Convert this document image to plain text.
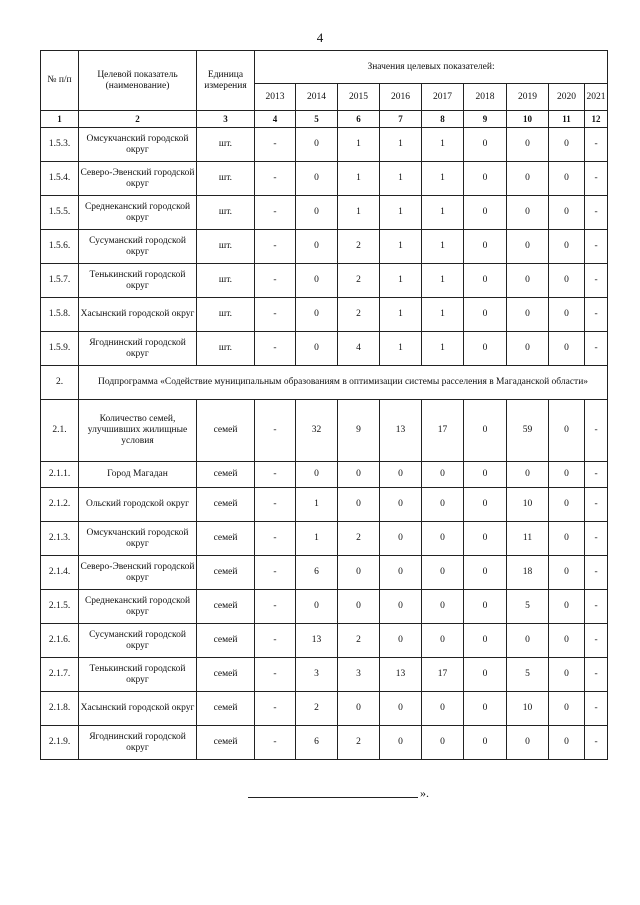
4
№ п/п	Целевой показатель (наименование)	Единица измерения	Значения целевых показателей:								
			2013	2014	2015	2016	2017	2018	2019	2020	2021
1	2	3	4	5	6	7	8	9	10	11	12
1.5.3.	Омсукчанский городской округ	шт.	-	0	1	1	1	0	0	0	-
1.5.4.	Северо-Эвенский городской округ	шт.	-	0	1	1	1	0	0	0	-
1.5.5.	Среднеканский городской округ	шт.	-	0	1	1	1	0	0	0	-
1.5.6.	Сусуманский городской округ	шт.	-	0	2	1	1	0	0	0	-
1.5.7.	Тенькинский городской округ	шт.	-	0	2	1	1	0	0	0	-
1.5.8.	Хасынский городской округ	шт.	-	0	2	1	1	0	0	0	-
1.5.9.	Ягоднинский городской округ	шт.	-	0	4	1	1	0	0	0	-
2.	Подпрограмма «Содействие муниципальным образованиям в оптимизации системы расселения в Магаданской области»										
2.1.	Количество семей, улучшивших жилищные условия	семей	-	32	9	13	17	0	59	0	-
2.1.1.	Город Магадан	семей	-	0	0	0	0	0	0	0	-
2.1.2.	Ольский городской округ	семей	-	1	0	0	0	0	10	0	-
2.1.3.	Омсукчанский городской округ	семей	-	1	2	0	0	0	11	0	-
2.1.4.	Северо-Эвенский городской округ	семей	-	6	0	0	0	0	18	0	-
2.1.5.	Среднеканский городской округ	семей	-	0	0	0	0	0	5	0	-
2.1.6.	Сусуманский городской округ	семей	-	13	2	0	0	0	0	0	-
2.1.7.	Тенькинский городской округ	семей	-	3	3	13	17	0	5	0	-
2.1.8.	Хасынский городской округ	семей	-	2	0	0	0	0	10	0	-
2.1.9.	Ягоднинский городской округ	семей	-	6	2	0	0	0	0	0	-
».
